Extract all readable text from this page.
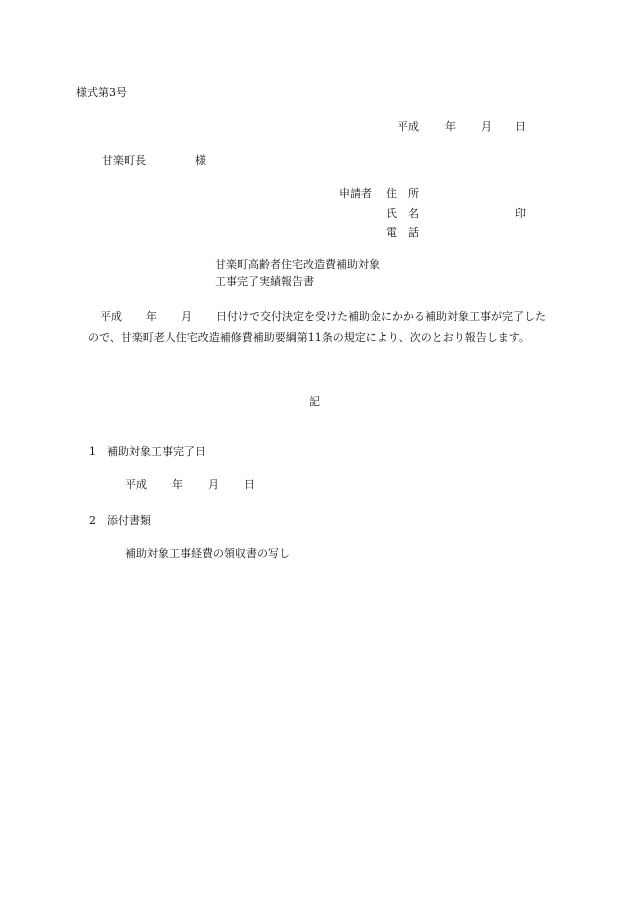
様式第3号
平成 年 月 日
甘楽町長	様
申請者 住　所
氏　名	印
電　話
甘楽町高齢者住宅改造費補助対象
工事完了実績報告書
平成 年 月 日付けで交付決定を受けた補助金にかかる補助対象工事が完了したので、甘楽町老人住宅改造補修費補助要綱第11条の規定により、次のとおり報告します。
記
1 補助対象工事完了日
平成 年 月 日
2 添付書類
補助対象工事経費の領収書の写し
